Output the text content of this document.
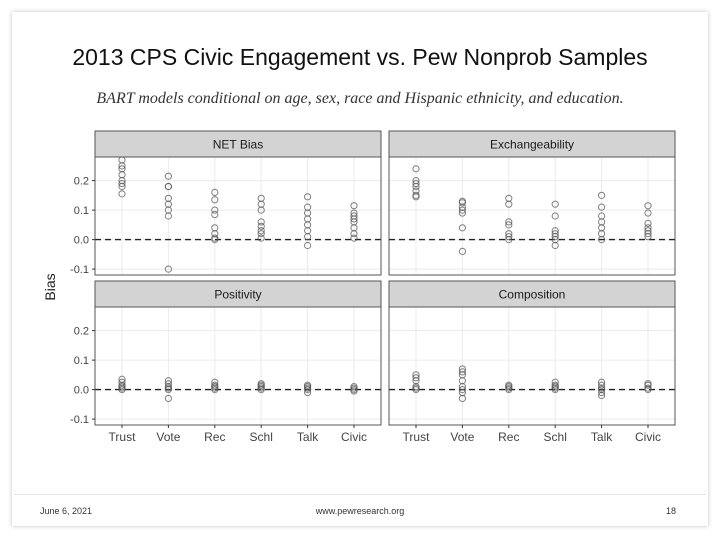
2013 CPS Civic Engagement vs. Pew Nonprob Samples
BART models conditional on age, sex, race and Hispanic ethnicity, and education.
NET Bias
-0.1
0.0
0.1
0.2
Exchangeability
Positivity
-0.1
0.0
0.1
0.2
Trust Vote Rec Schl Talk Civic
Composition
Trust Vote Rec Schl Talk Civic
Bias
June 6, 2021	www.pewresearch.org	18
